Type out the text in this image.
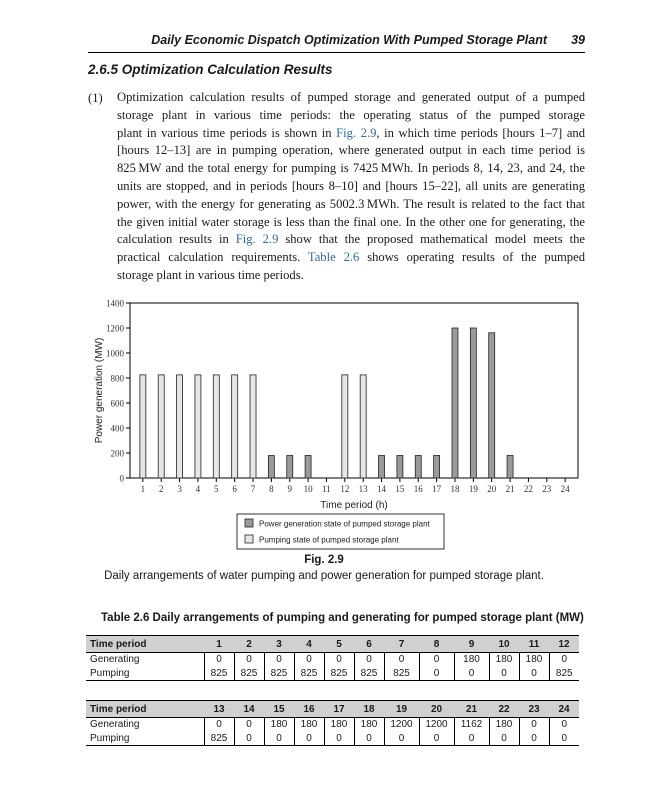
Daily Economic Dispatch Optimization With Pumped Storage Plant 39
2.6.5 Optimization Calculation Results
(1) Optimization calculation results of pumped storage and generated output of a pumped
storage plant in various time periods: the operating status of the pumped storage
plant in various time periods is shown in Fig. 2.9, in which time periods [hours 1–7] and
[hours 12–13] are in pumping operation, where generated output in each time period is
825 MW and the total energy for pumping is 7425 MWh. In periods 8, 14, 23, and 24, the
units are stopped, and in periods [hours 8–10] and [hours 15–22], all units are generating
power, with the energy for generating as 5002.3 MWh. The result is related to the fact that
the given initial water storage is less than the final one. In the other one for generating, the
calculation results in Fig. 2.9 show that the proposed mathematical model meets the
practical calculation requirements. Table 2.6 shows operating results of the pumped
storage plant in various time periods.
0
200
400
600
800
1000
1200
1400
1 2 3 4 5 6 7 8 9 10 11 12 13 14 15 16 17 18 19 20 21 22 23 24
Time period (h)
Power generation (MW)
Power generation state of pumped storage plant
Pumping state of pumped storage plant
Fig. 2.9
Daily arrangements of water pumping and power generation for pumped storage plant.
Table 2.6 Daily arrangements of pumping and generating for pumped storage plant (MW)
Time period	1	2	3	4	5	6	7	8	9	10	11	12
Generating	0	0	0	0	0	0	0	0	180	180	180	0
Pumping	825	825	825	825	825	825	825	0	0	0	0	825
Time period	13	14	15	16	17	18	19	20	21	22	23	24
Generating	0	0	180	180	180	180	1200	1200	1162	180	0	0
Pumping	825	0	0	0	0	0	0	0	0	0	0	0
